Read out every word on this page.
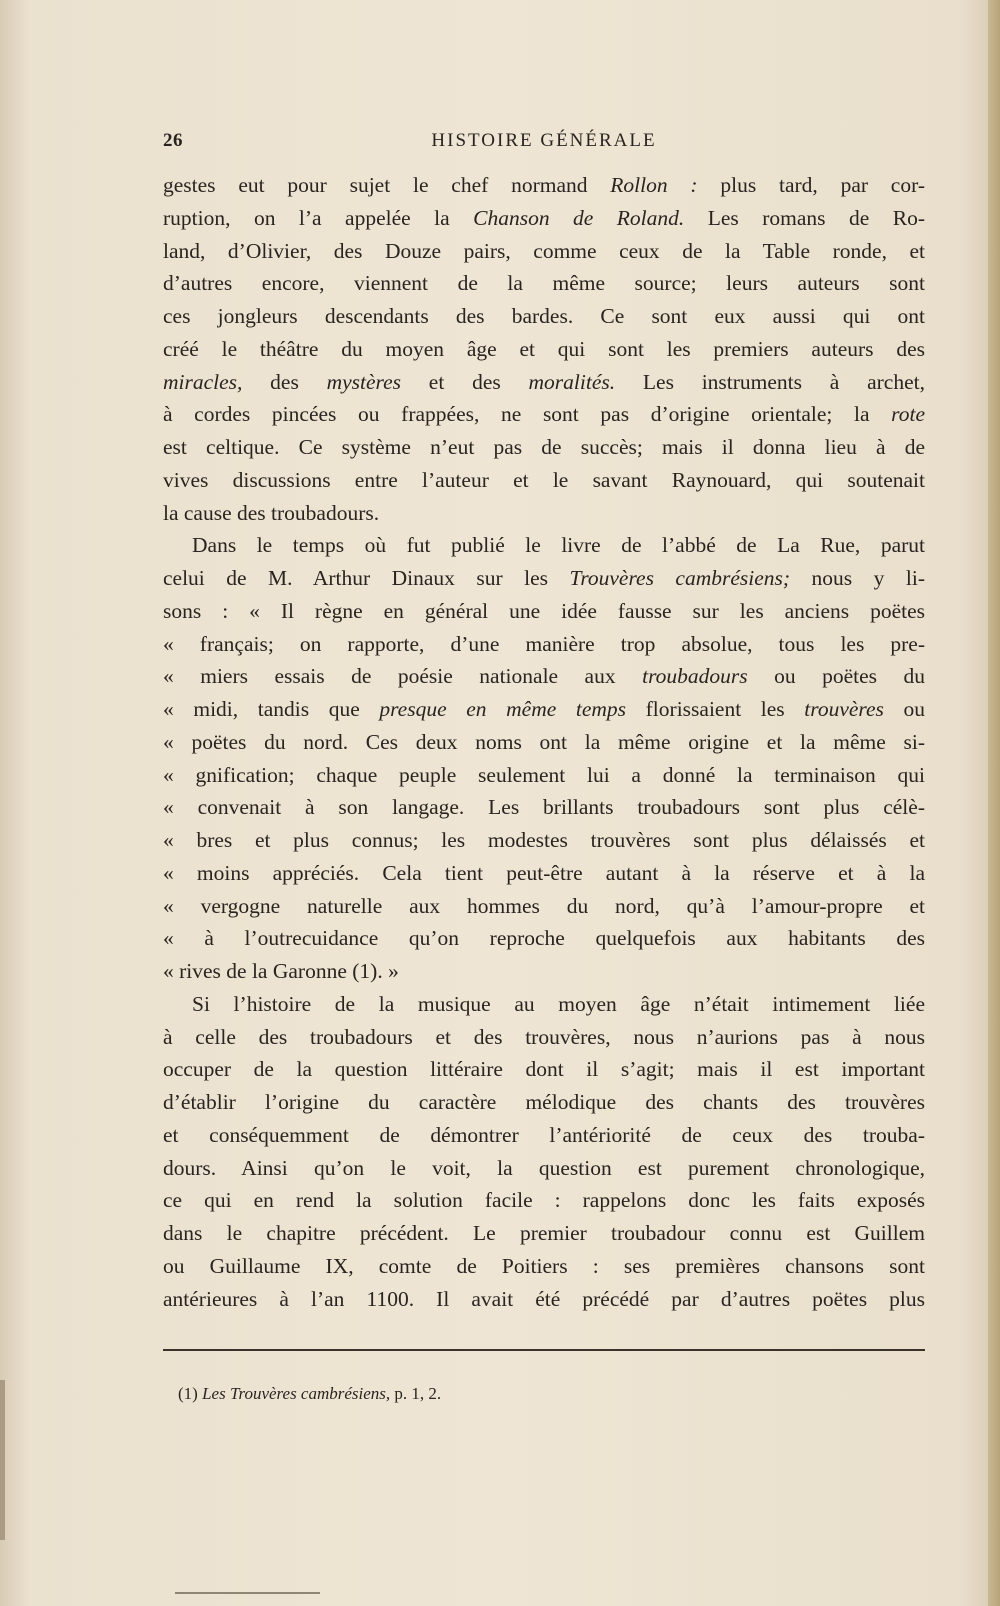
26	HISTOIRE GÉNÉRALE
gestes eut pour sujet le chef normand Rollon : plus tard, par cor-
ruption, on l’a appelée la Chanson de Roland. Les romans de Ro-
land, d’Olivier, des Douze pairs, comme ceux de la Table ronde, et
d’autres encore, viennent de la même source; leurs auteurs sont
ces jongleurs descendants des bardes. Ce sont eux aussi qui ont
créé le théâtre du moyen âge et qui sont les premiers auteurs des
miracles, des mystères et des moralités. Les instruments à archet,
à cordes pincées ou frappées, ne sont pas d’origine orientale; la rote
est celtique. Ce système n’eut pas de succès; mais il donna lieu à de
vives discussions entre l’auteur et le savant Raynouard, qui soutenait
la cause des troubadours.
Dans le temps où fut publié le livre de l’abbé de La Rue, parut
celui de M. Arthur Dinaux sur les Trouvères cambrésiens; nous y li-
sons : « Il règne en général une idée fausse sur les anciens poëtes
« français; on rapporte, d’une manière trop absolue, tous les pre-
« miers essais de poésie nationale aux troubadours ou poëtes du
« midi, tandis que presque en même temps florissaient les trouvères ou
« poëtes du nord. Ces deux noms ont la même origine et la même si-
« gnification; chaque peuple seulement lui a donné la terminaison qui
« convenait à son langage. Les brillants troubadours sont plus célè-
« bres et plus connus; les modestes trouvères sont plus délaissés et
« moins appréciés. Cela tient peut-être autant à la réserve et à la
« vergogne naturelle aux hommes du nord, qu’à l’amour-propre et
« à l’outrecuidance qu’on reproche quelquefois aux habitants des
« rives de la Garonne (1). »
Si l’histoire de la musique au moyen âge n’était intimement liée
à celle des troubadours et des trouvères, nous n’aurions pas à nous
occuper de la question littéraire dont il s’agit; mais il est important
d’établir l’origine du caractère mélodique des chants des trouvères
et conséquemment de démontrer l’antériorité de ceux des trouba-
dours. Ainsi qu’on le voit, la question est purement chronologique,
ce qui en rend la solution facile : rappelons donc les faits exposés
dans le chapitre précédent. Le premier troubadour connu est Guillem
ou Guillaume IX, comte de Poitiers : ses premières chansons sont
antérieures à l’an 1100. Il avait été précédé par d’autres poëtes plus
(1) Les Trouvères cambrésiens, p. 1, 2.
